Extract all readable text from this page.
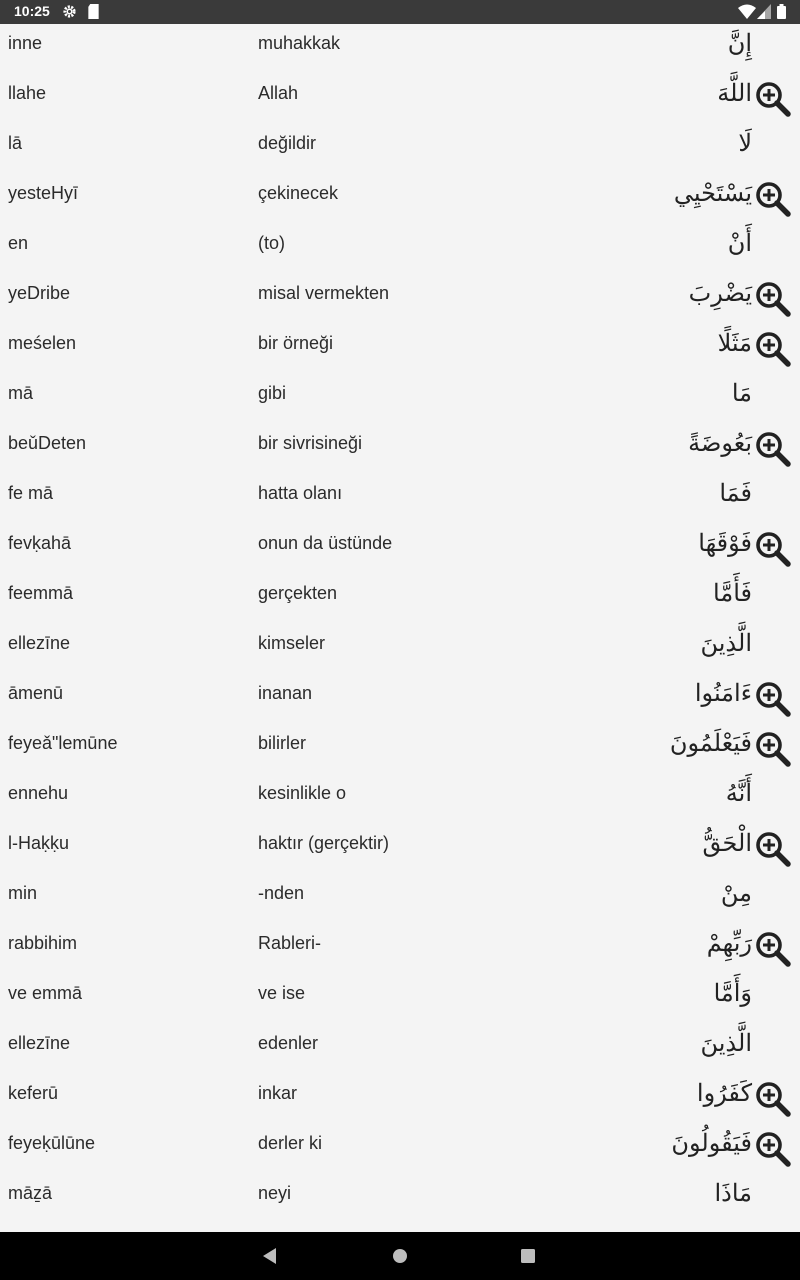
10:25
inne	muhakkak	إِنَّ
llahe	Allah	اللَّهَ
lā	değildir	لَا
yesteHyī	çekinecek	يَسْتَحْيِي
en	(to)	أَنْ
yeDribe	misal vermekten	يَضْرِبَ
meśelen	bir örneği	مَثَلًا
mā	gibi	مَا
beǔDeten	bir sivrisineği	بَعُوضَةً
fe mā	hatta olanı	فَمَا
fevḳahā	onun da üstünde	فَوْقَهَا
feemmā	gerçekten	فَأَمَّا
ellezīne	kimseler	الَّذِينَ
āmenū	inanan	ءَامَنُوا
feyeǎ"lemūne	bilirler	فَيَعْلَمُونَ
ennehu	kesinlikle o	أَنَّهُ
l-Haḳḳu	haktır (gerçektir)	الْحَقُّ
min	-nden	مِنْ
rabbihim	Rableri-	رَبِّهِمْ
ve emmā	ve ise	وَأَمَّا
ellezīne	edenler	الَّذِينَ
keferū	inkar	كَفَرُوا
feyeḳūlūne	derler ki	فَيَقُولُونَ
māẕā	neyi	مَاذَا
